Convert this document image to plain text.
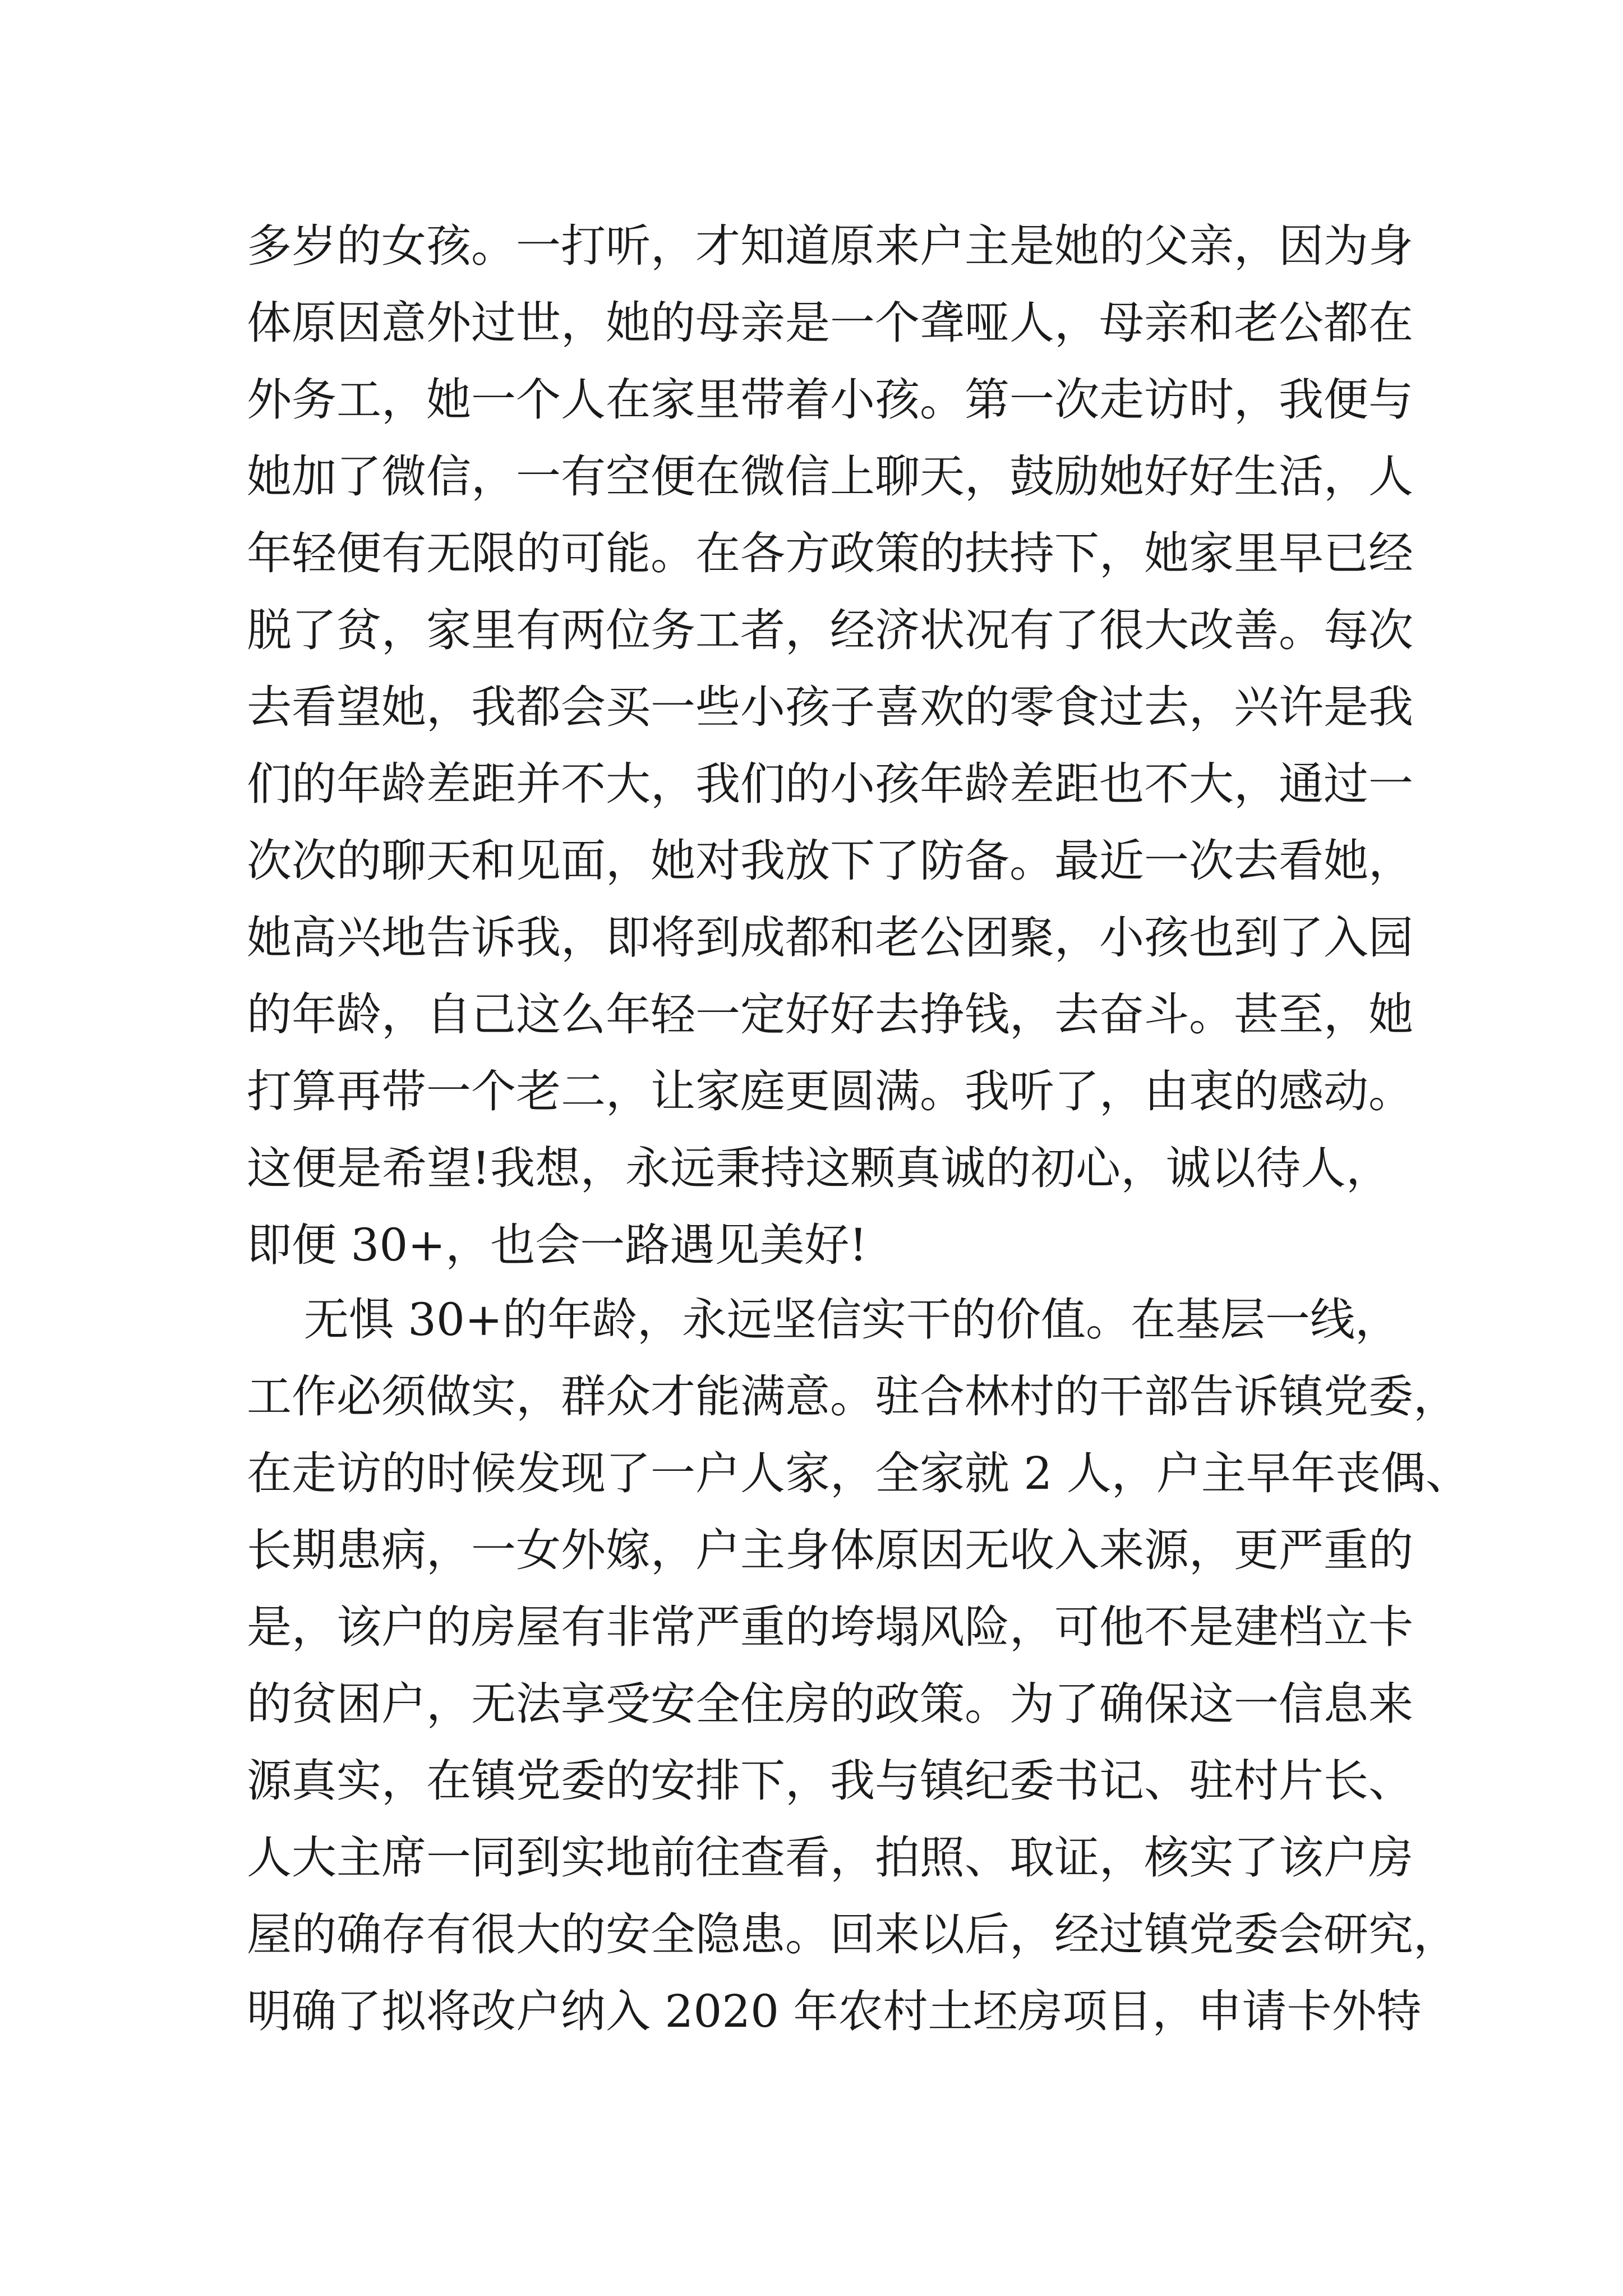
多岁的女孩。一打听，才知道原来户主是她的父亲，因为身
体原因意外过世，她的母亲是一个聋哑人，母亲和老公都在
外务工，她一个人在家里带着小孩。第一次走访时，我便与
她加了微信，一有空便在微信上聊天，鼓励她好好生活，人
年轻便有无限的可能。在各方政策的扶持下，她家里早已经
脱了贫，家里有两位务工者，经济状况有了很大改善。每次
去看望她，我都会买一些小孩子喜欢的零食过去，兴许是我
们的年龄差距并不大，我们的小孩年龄差距也不大，通过一
次次的聊天和见面，她对我放下了防备。最近一次去看她，
她高兴地告诉我，即将到成都和老公团聚，小孩也到了入园
的年龄，自己这么年轻一定好好去挣钱，去奋斗。甚至，她
打算再带一个老二，让家庭更圆满。我听了，由衷的感动。
这便是希望!我想，永远秉持这颗真诚的初心，诚以待人，
即便 30+，也会一路遇见美好!
无惧 30+的年龄，永远坚信实干的价值。在基层一线，
工作必须做实，群众才能满意。驻合林村的干部告诉镇党委，
在走访的时候发现了一户人家，全家就 2 人，户主早年丧偶、
长期患病，一女外嫁，户主身体原因无收入来源，更严重的
是，该户的房屋有非常严重的垮塌风险，可他不是建档立卡
的贫困户，无法享受安全住房的政策。为了确保这一信息来
源真实，在镇党委的安排下，我与镇纪委书记、驻村片长、
人大主席一同到实地前往查看，拍照、取证，核实了该户房
屋的确存有很大的安全隐患。回来以后，经过镇党委会研究，
明确了拟将改户纳入 2020 年农村土坯房项目，申请卡外特
